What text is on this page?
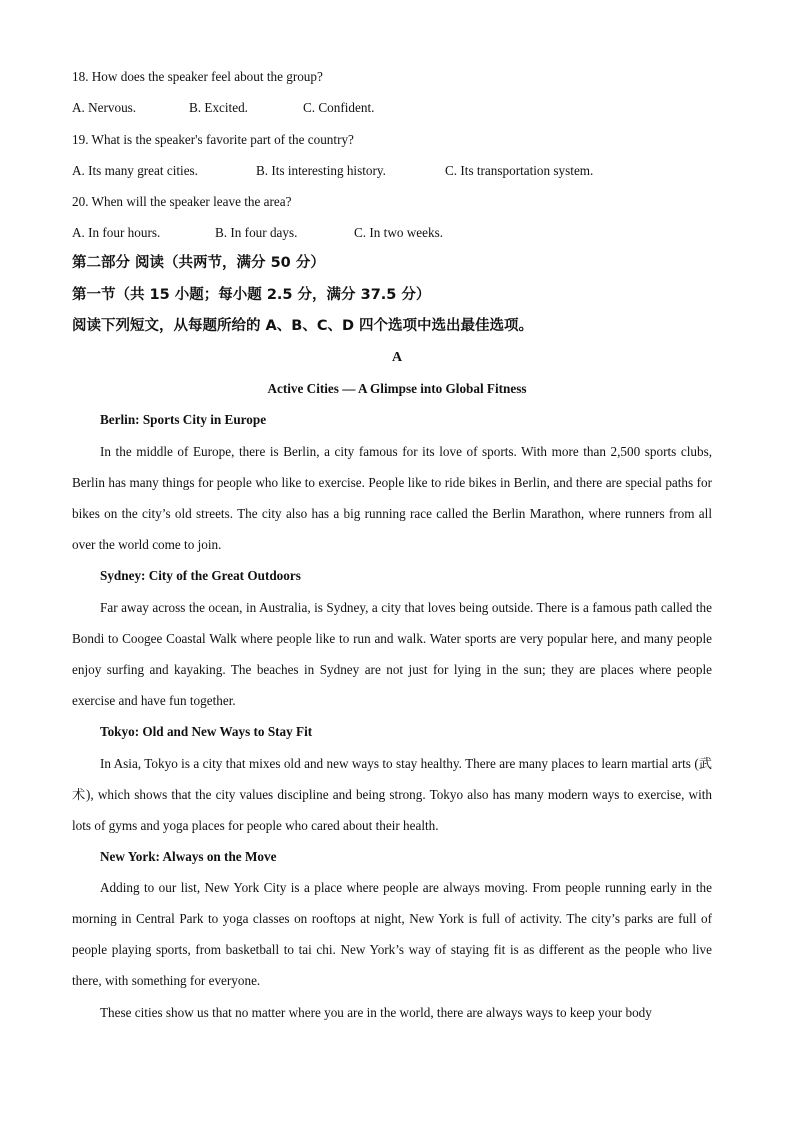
18. How does the speaker feel about the group?
A. Nervous.	B. Excited.	C. Confident.
19. What is the speaker's favorite part of the country?
A. Its many great cities.	B. Its interesting history.	C. Its transportation system.
20. When will the speaker leave the area?
A. In four hours.	B. In four days.	C. In two weeks.
第二部分 阅读（共两节，满分 50 分）
第一节（共 15 小题；每小题 2.5 分，满分 37.5 分）
阅读下列短文，从每题所给的 A、B、C、D 四个选项中选出最佳选项。
A
Active Cities — A Glimpse into Global Fitness
Berlin: Sports City in Europe

In the middle of Europe, there is Berlin, a city famous for its love of sports. With more than 2,500 sports clubs, Berlin has many things for people who like to exercise. People like to ride bikes in Berlin, and there are special paths for bikes on the city’s old streets. The city also has a big running race called the Berlin Marathon, where runners from all over the world come to join.

Sydney: City of the Great Outdoors

Far away across the ocean, in Australia, is Sydney, a city that loves being outside. There is a famous path called the Bondi to Coogee Coastal Walk where people like to run and walk. Water sports are very popular here, and many people enjoy surfing and kayaking. The beaches in Sydney are not just for lying in the sun; they are places where people exercise and have fun together.

Tokyo: Old and New Ways to Stay Fit

In Asia, Tokyo is a city that mixes old and new ways to stay healthy. There are many places to learn martial arts (武术), which shows that the city values discipline and being strong. Tokyo also has many modern ways to exercise, with lots of gyms and yoga places for people who cared about their health.

New York: Always on the Move

Adding to our list, New York City is a place where people are always moving. From people running early in the morning in Central Park to yoga classes on rooftops at night, New York is full of activity. The city’s parks are full of people playing sports, from basketball to tai chi. New York’s way of staying fit is as different as the people who live there, with something for everyone.

These cities show us that no matter where you are in the world, there are always ways to keep your body
